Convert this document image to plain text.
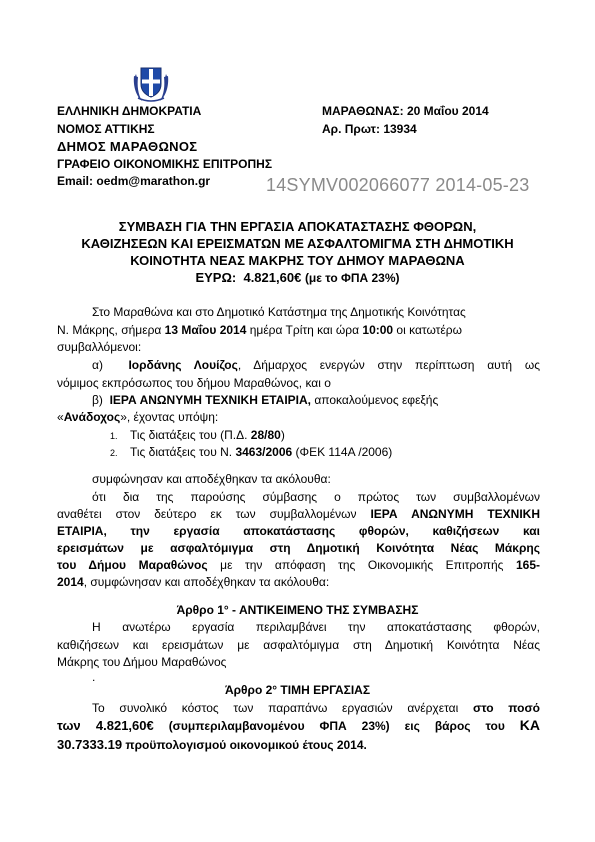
ΕΛΛΗΝΙΚΗ ΔΗΜΟΚΡΑΤΙΑ
ΝΟΜΟΣ ΑΤΤΙΚΗΣ
ΔΗΜΟΣ ΜΑΡΑΘΩΝΟΣ
ΓΡΑΦΕΙΟ ΟΙΚΟΝΟΜΙΚΗΣ ΕΠΙΤΡΟΠΗΣ
Email: oedm@marathon.gr
ΜΑΡΑΘΩΝΑΣ: 20 Μαΐου 2014
Αρ. Πρωτ: 13934
14SYMV002066077 2014-05-23
ΣΥΜΒΑΣΗ ΓΙΑ ΤΗΝ ΕΡΓΑΣΙΑ ΑΠΟΚΑΤΑΣΤΑΣΗΣ ΦΘΟΡΩΝ,
ΚΑΘΙΖΗΣΕΩΝ ΚΑΙ ΕΡΕΙΣΜΑΤΩΝ ΜΕ ΑΣΦΑΛΤΟΜΙΓΜΑ ΣΤΗ ΔΗΜΟΤΙΚΗ
ΚΟΙΝΟΤΗΤΑ ΝΕΑΣ ΜΑΚΡΗΣ ΤΟΥ ΔΗΜΟΥ ΜΑΡΑΘΩΝΑ
ΕΥΡΩ: 4.821,60€ (με το ΦΠΑ 23%)
Στο Μαραθώνα και στο Δημοτικό Κατάστημα της Δημοτικής Κοινότητας
Ν. Μάκρης, σήμερα 13 Μαΐου 2014 ημέρα Τρίτη και ώρα 10:00 οι κατωτέρω
συμβαλλόμενοι:
α) Ιορδάνης Λουίζος, Δήμαρχος ενεργών στην περίπτωση αυτή ως
νόμιμος εκπρόσωπος του δήμου Μαραθώνος, και ο
β) ΙΕΡΑ ΑΝΩΝΥΜΗ ΤΕΧΝΙΚΗ ΕΤΑΙΡΙΑ, αποκαλούμενος εφεξής
«Ανάδοχος», έχοντας υπόψη:
1. Τις διατάξεις του (Π.Δ. 28/80)
2. Τις διατάξεις του Ν. 3463/2006 (ΦΕΚ 114Α /2006)
συμφώνησαν και αποδέχθηκαν τα ακόλουθα:
ότι δια της παρούσης σύμβασης ο πρώτος των συμβαλλομένων
αναθέτει στον δεύτερο εκ των συμβαλλομένων ΙΕΡΑ ΑΝΩΝΥΜΗ ΤΕΧΝΙΚΗ
ΕΤΑΙΡΙΑ, την εργασία αποκατάστασης φθορών, καθιζήσεων και
ερεισμάτων με ασφαλτόμιγμα στη Δημοτική Κοινότητα Νέας Μάκρης
του Δήμου Μαραθώνος με την απόφαση της Οικονομικής Επιτροπής 165-
2014, συμφώνησαν και αποδέχθηκαν τα ακόλουθα:
Άρθρο 1° - ΑΝΤΙΚΕΙΜΕΝΟ ΤΗΣ ΣΥΜΒΑΣΗΣ
Η ανωτέρω εργασία περιλαμβάνει την αποκατάστασης φθορών,
καθιζήσεων και ερεισμάτων με ασφαλτόμιγμα στη Δημοτική Κοινότητα Νέας
Μάκρης του Δήμου Μαραθώνος
.
Άρθρο 2° ΤΙΜΗ ΕΡΓΑΣΙΑΣ
Το συνολικό κόστος των παραπάνω εργασιών ανέρχεται στο ποσό
των 4.821,60€ (συμπεριλαμβανομένου ΦΠΑ 23%) εις βάρος του ΚΑ
30.7333.19 προϋπολογισμού οικονομικού έτους 2014.
